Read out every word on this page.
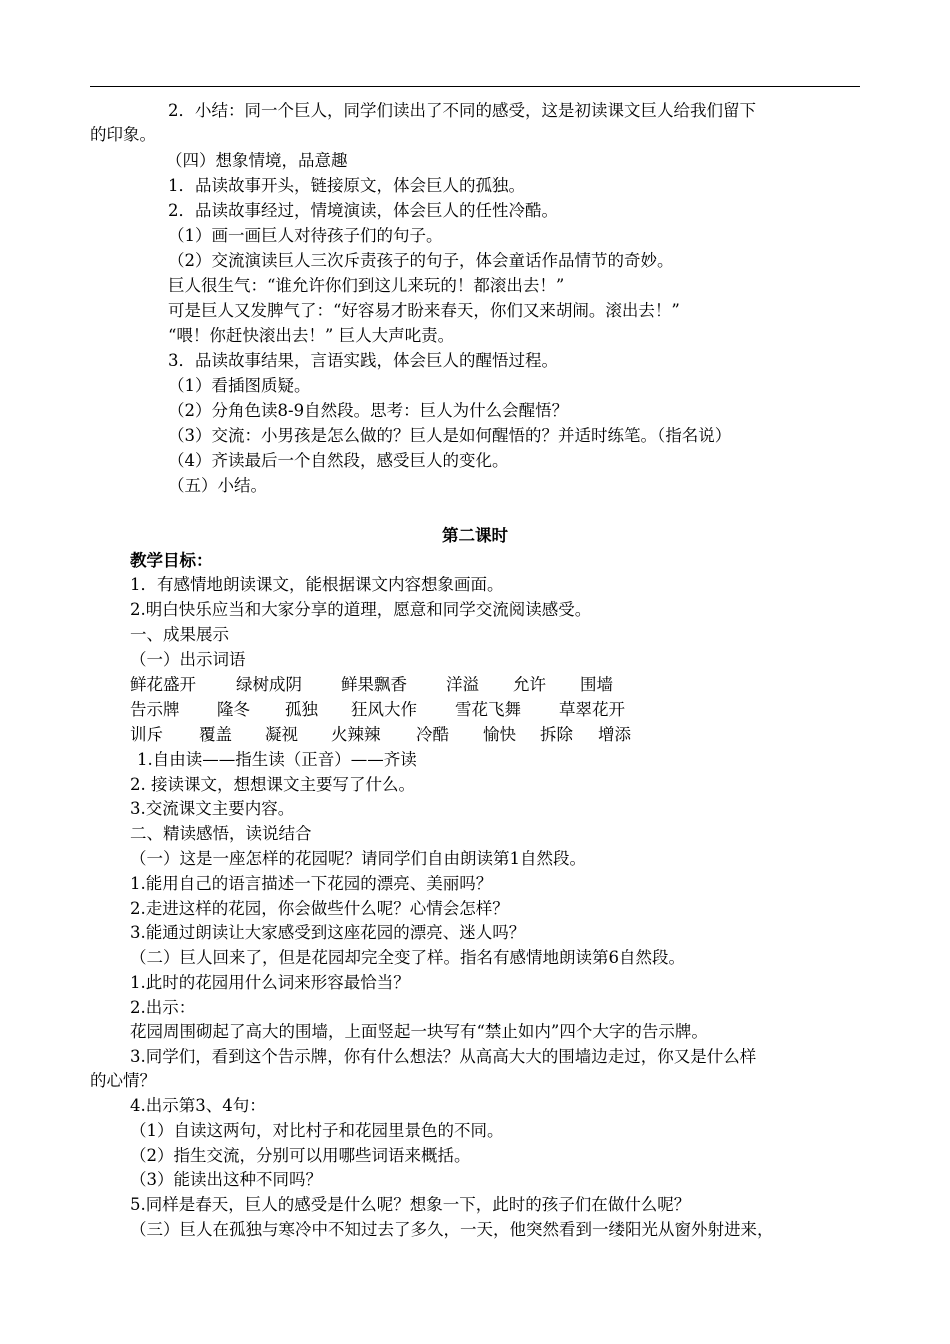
2．小结：同一个巨人，同学们读出了不同的感受，这是初读课文巨人给我们留下
的印象。
（四）想象情境，品意趣
1．品读故事开头，链接原文，体会巨人的孤独。
2．品读故事经过，情境演读，体会巨人的任性冷酷。
（1）画一画巨人对待孩子们的句子。
（2）交流演读巨人三次斥责孩子的句子，体会童话作品情节的奇妙。
巨人很生气：“谁允许你们到这儿来玩的！都滚出去！”
可是巨人又发脾气了：“好容易才盼来春天，你们又来胡闹。滚出去！”
“喂！你赶快滚出去！” 巨人大声叱责。
3．品读故事结果，言语实践，体会巨人的醒悟过程。
（1）看插图质疑。
（2）分角色读8-9自然段。思考：巨人为什么会醒悟？
（3）交流：小男孩是怎么做的？巨人是如何醒悟的？并适时练笔。（指名说）
（4）齐读最后一个自然段，感受巨人的变化。
（五）小结。
第二课时
教学目标：
1．有感情地朗读课文，能根据课文内容想象画面。
2.明白快乐应当和大家分享的道理，愿意和同学交流阅读感受。
一、成果展示
（一）出示词语
鲜花盛开 绿树成阴 鲜果飘香 洋溢 允许 围墙
告示牌 隆冬 孤独 狂风大作 雪花飞舞 草翠花开
训斥 覆盖 凝视 火辣辣 冷酷 愉快 拆除 增添
1.自由读——指生读（正音）——齐读
2. 接读课文，想想课文主要写了什么。
3.交流课文主要内容。
二、精读感悟，读说结合
（一）这是一座怎样的花园呢？请同学们自由朗读第1自然段。
1.能用自己的语言描述一下花园的漂亮、美丽吗？
2.走进这样的花园，你会做些什么呢？心情会怎样？
3.能通过朗读让大家感受到这座花园的漂亮、迷人吗？
（二）巨人回来了，但是花园却完全变了样。指名有感情地朗读第6自然段。
1.此时的花园用什么词来形容最恰当？
2.出示：
花园周围砌起了高大的围墙，上面竖起一块写有“禁止如内”四个大字的告示牌。
3.同学们，看到这个告示牌，你有什么想法？从高高大大的围墙边走过，你又是什么样
的心情？
4.出示第3、4句：
（1）自读这两句，对比村子和花园里景色的不同。
（2）指生交流，分别可以用哪些词语来概括。
（3）能读出这种不同吗？
5.同样是春天，巨人的感受是什么呢？想象一下，此时的孩子们在做什么呢？
（三）巨人在孤独与寒冷中不知过去了多久，一天，他突然看到一缕阳光从窗外射进来，
